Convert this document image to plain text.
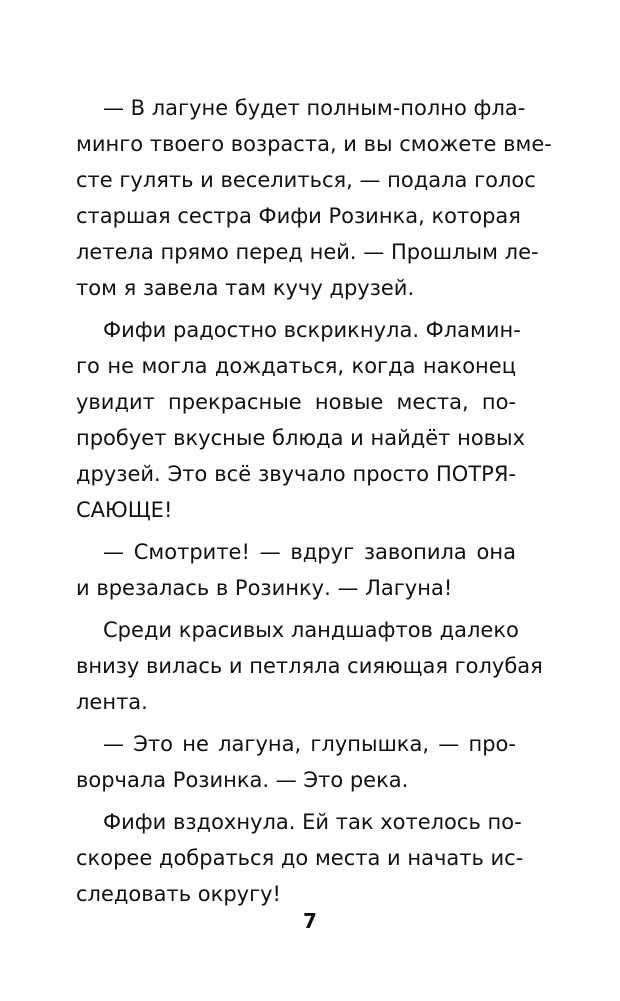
— В лагуне будет полным-полно фла-
минго твоего возраста, и вы сможете вме-
сте гулять и веселиться, — подала голос
старшая сестра Фифи Розинка, которая
летела прямо перед ней. — Прошлым ле-
том я завела там кучу друзей.
Фифи радостно вскрикнула. Фламин-
го не могла дождаться, когда наконец
увидит прекрасные новые места, по-
пробует вкусные блюда и найдёт новых
друзей. Это всё звучало просто ПОТРЯ-
САЮЩЕ!
— Смотрите! — вдруг завопила она
и врезалась в Розинку. — Лагуна!
Среди красивых ландшафтов далеко
внизу вилась и петляла сияющая голубая
лента.
— Это не лагуна, глупышка, — про-
ворчала Розинка. — Это река.
Фифи вздохнула. Ей так хотелось по-
скорее добраться до места и начать ис-
следовать округу!
7
